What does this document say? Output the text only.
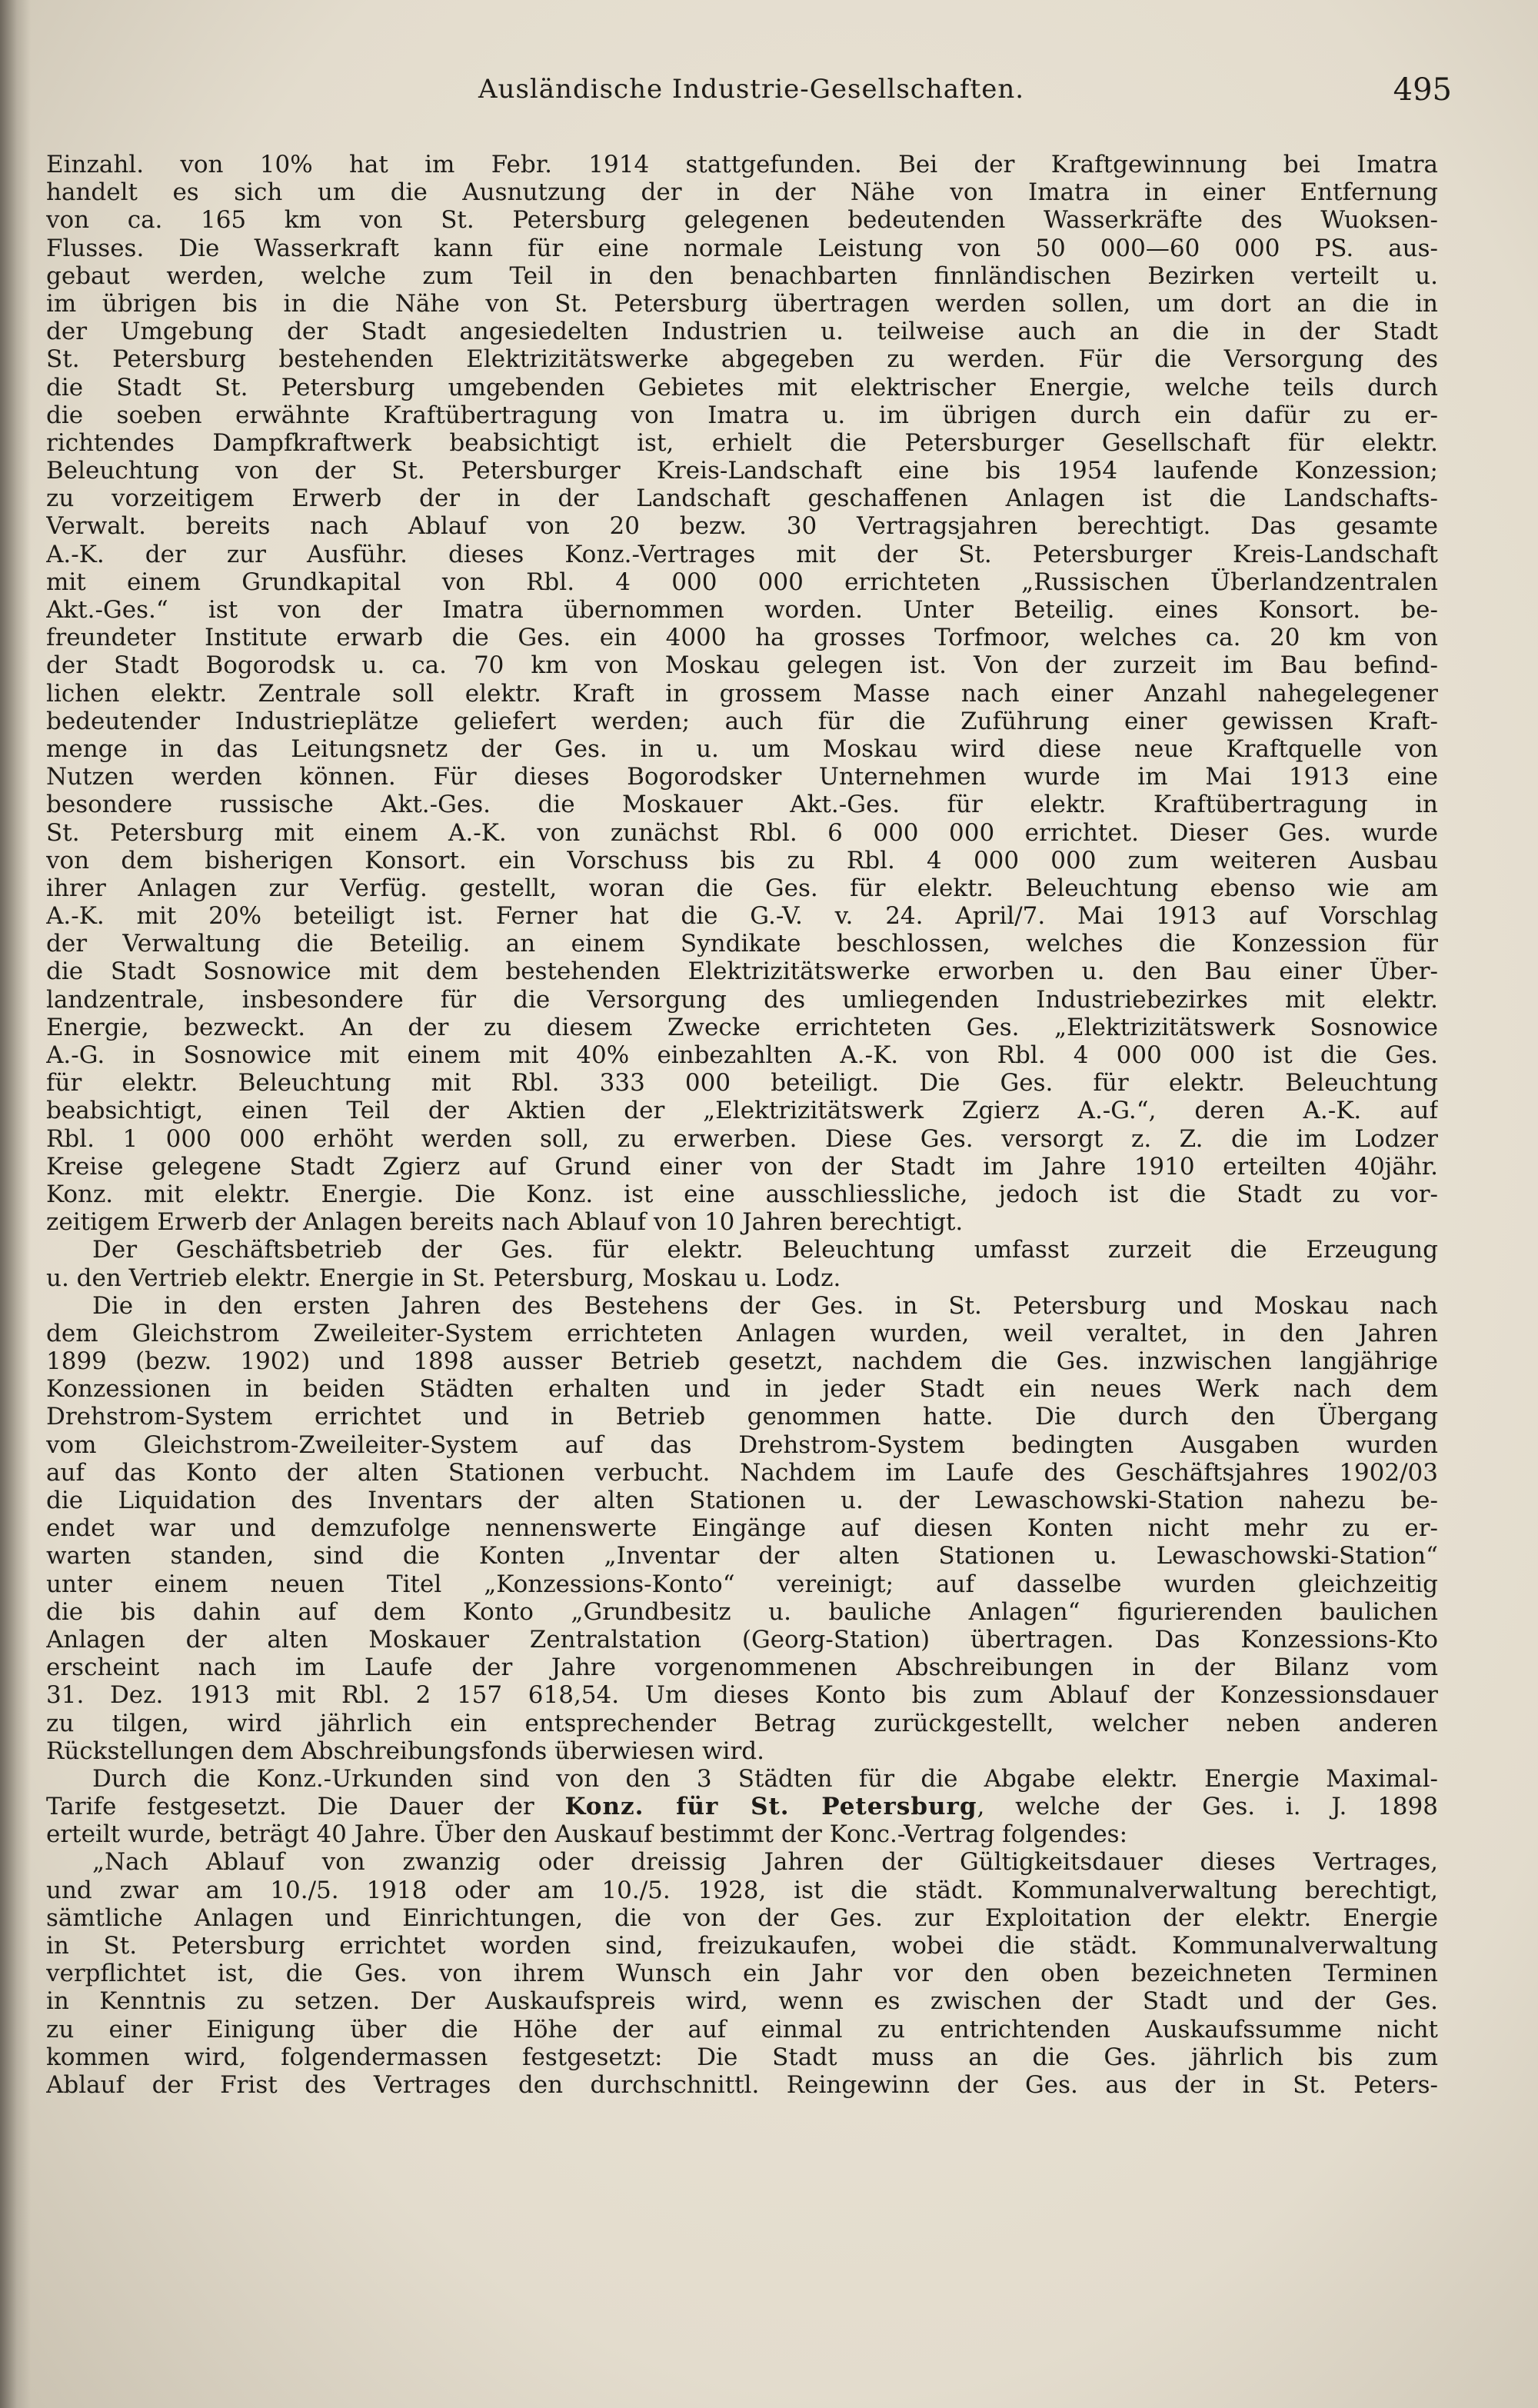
Ausländische Industrie-Gesellschaften.	495
Einzahl. von 10% hat im Febr. 1914 stattgefunden. Bei der Kraftgewinnung bei Imatra
handelt es sich um die Ausnutzung der in der Nähe von Imatra in einer Entfernung
von ca. 165 km von St. Petersburg gelegenen bedeutenden Wasserkräfte des Wuoksen-
Flusses. Die Wasserkraft kann für eine normale Leistung von 50 000—60 000 PS. aus-
gebaut werden, welche zum Teil in den benachbarten finnländischen Bezirken verteilt u.
im übrigen bis in die Nähe von St. Petersburg übertragen werden sollen, um dort an die in
der Umgebung der Stadt angesiedelten Industrien u. teilweise auch an die in der Stadt
St. Petersburg bestehenden Elektrizitätswerke abgegeben zu werden. Für die Versorgung des
die Stadt St. Petersburg umgebenden Gebietes mit elektrischer Energie, welche teils durch
die soeben erwähnte Kraftübertragung von Imatra u. im übrigen durch ein dafür zu er-
richtendes Dampfkraftwerk beabsichtigt ist, erhielt die Petersburger Gesellschaft für elektr.
Beleuchtung von der St. Petersburger Kreis-Landschaft eine bis 1954 laufende Konzession;
zu vorzeitigem Erwerb der in der Landschaft geschaffenen Anlagen ist die Landschafts-
Verwalt. bereits nach Ablauf von 20 bezw. 30 Vertragsjahren berechtigt. Das gesamte
A.-K. der zur Ausführ. dieses Konz.-Vertrages mit der St. Petersburger Kreis-Landschaft
mit einem Grundkapital von Rbl. 4 000 000 errichteten „Russischen Überlandzentralen
Akt.-Ges.“ ist von der Imatra übernommen worden. Unter Beteilig. eines Konsort. be-
freundeter Institute erwarb die Ges. ein 4000 ha grosses Torfmoor, welches ca. 20 km von
der Stadt Bogorodsk u. ca. 70 km von Moskau gelegen ist. Von der zurzeit im Bau befind-
lichen elektr. Zentrale soll elektr. Kraft in grossem Masse nach einer Anzahl nahegelegener
bedeutender Industrieplätze geliefert werden; auch für die Zuführung einer gewissen Kraft-
menge in das Leitungsnetz der Ges. in u. um Moskau wird diese neue Kraftquelle von
Nutzen werden können. Für dieses Bogorodsker Unternehmen wurde im Mai 1913 eine
besondere russische Akt.-Ges. die Moskauer Akt.-Ges. für elektr. Kraftübertragung in
St. Petersburg mit einem A.-K. von zunächst Rbl. 6 000 000 errichtet. Dieser Ges. wurde
von dem bisherigen Konsort. ein Vorschuss bis zu Rbl. 4 000 000 zum weiteren Ausbau
ihrer Anlagen zur Verfüg. gestellt, woran die Ges. für elektr. Beleuchtung ebenso wie am
A.-K. mit 20% beteiligt ist. Ferner hat die G.-V. v. 24. April/7. Mai 1913 auf Vorschlag
der Verwaltung die Beteilig. an einem Syndikate beschlossen, welches die Konzession für
die Stadt Sosnowice mit dem bestehenden Elektrizitätswerke erworben u. den Bau einer Über-
landzentrale, insbesondere für die Versorgung des umliegenden Industriebezirkes mit elektr.
Energie, bezweckt. An der zu diesem Zwecke errichteten Ges. „Elektrizitätswerk Sosnowice
A.-G. in Sosnowice mit einem mit 40% einbezahlten A.-K. von Rbl. 4 000 000 ist die Ges.
für elektr. Beleuchtung mit Rbl. 333 000 beteiligt. Die Ges. für elektr. Beleuchtung
beabsichtigt, einen Teil der Aktien der „Elektrizitätswerk Zgierz A.-G.“, deren A.-K. auf
Rbl. 1 000 000 erhöht werden soll, zu erwerben. Diese Ges. versorgt z. Z. die im Lodzer
Kreise gelegene Stadt Zgierz auf Grund einer von der Stadt im Jahre 1910 erteilten 40jähr.
Konz. mit elektr. Energie. Die Konz. ist eine ausschliessliche, jedoch ist die Stadt zu vor-
zeitigem Erwerb der Anlagen bereits nach Ablauf von 10 Jahren berechtigt.
Der Geschäftsbetrieb der Ges. für elektr. Beleuchtung umfasst zurzeit die Erzeugung
u. den Vertrieb elektr. Energie in St. Petersburg, Moskau u. Lodz.
Die in den ersten Jahren des Bestehens der Ges. in St. Petersburg und Moskau nach
dem Gleichstrom Zweileiter-System errichteten Anlagen wurden, weil veraltet, in den Jahren
1899 (bezw. 1902) und 1898 ausser Betrieb gesetzt, nachdem die Ges. inzwischen langjährige
Konzessionen in beiden Städten erhalten und in jeder Stadt ein neues Werk nach dem
Drehstrom-System errichtet und in Betrieb genommen hatte. Die durch den Übergang
vom Gleichstrom-Zweileiter-System auf das Drehstrom-System bedingten Ausgaben wurden
auf das Konto der alten Stationen verbucht. Nachdem im Laufe des Geschäftsjahres 1902/03
die Liquidation des Inventars der alten Stationen u. der Lewaschowski-Station nahezu be-
endet war und demzufolge nennenswerte Eingänge auf diesen Konten nicht mehr zu er-
warten standen, sind die Konten „Inventar der alten Stationen u. Lewaschowski-Station“
unter einem neuen Titel „Konzessions-Konto“ vereinigt; auf dasselbe wurden gleichzeitig
die bis dahin auf dem Konto „Grundbesitz u. bauliche Anlagen“ figurierenden baulichen
Anlagen der alten Moskauer Zentralstation (Georg-Station) übertragen. Das Konzessions-Kto
erscheint nach im Laufe der Jahre vorgenommenen Abschreibungen in der Bilanz vom
31. Dez. 1913 mit Rbl. 2 157 618,54. Um dieses Konto bis zum Ablauf der Konzessionsdauer
zu tilgen, wird jährlich ein entsprechender Betrag zurückgestellt, welcher neben anderen
Rückstellungen dem Abschreibungsfonds überwiesen wird.
Durch die Konz.-Urkunden sind von den 3 Städten für die Abgabe elektr. Energie Maximal-
Tarife festgesetzt. Die Dauer der Konz. für St. Petersburg, welche der Ges. i. J. 1898
erteilt wurde, beträgt 40 Jahre. Über den Auskauf bestimmt der Konc.-Vertrag folgendes:
„Nach Ablauf von zwanzig oder dreissig Jahren der Gültigkeitsdauer dieses Vertrages,
und zwar am 10./5. 1918 oder am 10./5. 1928, ist die städt. Kommunalverwaltung berechtigt,
sämtliche Anlagen und Einrichtungen, die von der Ges. zur Exploitation der elektr. Energie
in St. Petersburg errichtet worden sind, freizukaufen, wobei die städt. Kommunalverwaltung
verpflichtet ist, die Ges. von ihrem Wunsch ein Jahr vor den oben bezeichneten Terminen
in Kenntnis zu setzen. Der Auskaufspreis wird, wenn es zwischen der Stadt und der Ges.
zu einer Einigung über die Höhe der auf einmal zu entrichtenden Auskaufssumme nicht
kommen wird, folgendermassen festgesetzt: Die Stadt muss an die Ges. jährlich bis zum
Ablauf der Frist des Vertrages den durchschnittl. Reingewinn der Ges. aus der in St. Peters-
